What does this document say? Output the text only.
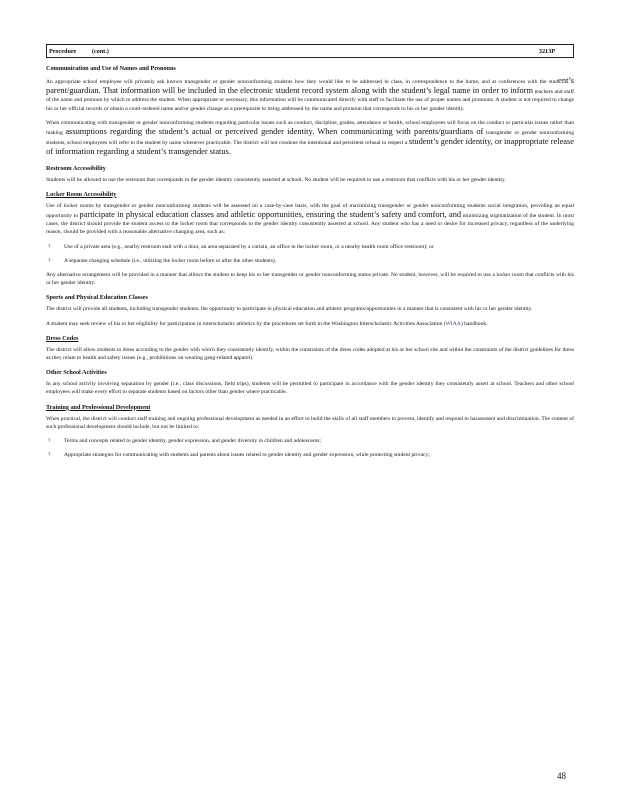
Procedure	(cont.)	3213P
Communication and Use of Names and Pronouns

An appropriate school employee will privately ask known transgender or gender nonconforming students how they would like to be addressed in class, in correspondence to the home, and at conferences with the student’s parent/guardian. That information will be included in the electronic student record system along with the student’s legal name in order to inform teachers and staff of the name and pronoun by which to address the student. When appropriate or necessary, this information will be communicated directly with staff to facilitate the use of proper names and pronouns. A student is not required to change his or her official records or obtain a court-ordered name and/or gender change as a prerequisite to being addressed by the name and pronoun that corresponds to his or her gender identity.

When communicating with transgender or gender nonconforming students regarding particular issues such as conduct, discipline, grades, attendance or health, school employees will focus on the conduct or particular issues rather than making assumptions regarding the student’s actual or perceived gender identity. When communicating with parents/guardians of transgender or gender nonconforming students, school employees will refer to the student by name whenever practicable. The district will not condone the intentional and persistent refusal to respect a student’s gender identity, or inappropriate release of information regarding a student’s transgender status.

Restroom Accessibility

Students will be allowed to use the restroom that corresponds to the gender identity consistently asserted at school. No student will be required to use a restroom that conflicts with his or her gender identity.

Locker Room Accessibility

Use of locker rooms by transgender or gender nonconforming students will be assessed on a case-by-case basis, with the goal of maximizing transgender or gender nonconforming students social integration, providing an equal opportunity to participate in physical education classes and athletic opportunities, ensuring the student’s safety and comfort, and minimizing stigmatization of the student. In most cases, the district should provide the student access to the locker room that corresponds to the gender identity consistently asserted at school. Any student who has a need or desire for increased privacy, regardless of the underlying reason, should be provided with a reasonable alternative changing area, such as:

?	Use of a private area (e.g., nearby restroom stall with a door, an area separated by a curtain, an office in the locker room, or a nearby health room office restroom); or
?	A separate changing schedule (i.e., utilizing the locker room before or after the other students).

Any alternative arrangement will be provided in a manner that allows the student to keep his or her transgender or gender nonconforming status private. No student, however, will be required to use a locker room that conflicts with his or her gender identity.

Sports and Physical Education Classes

The district will provide all students, including transgender students, the opportunity to participate in physical education and athletic programs/opportunities in a manner that is consistent with his or her gender identity.

A student may seek review of his or her eligibility for participation in interscholastic athletics by the procedures set forth in the Washington Interscholastic Activities Association (WIAA) handbook.

Dress Codes

The district will allow students to dress according to the gender with which they consistently identify, within the constraints of the dress codes adopted at his or her school site and within the constraints of the district guidelines for dress as they relate to health and safety issues (e.g., prohibitions on wearing gang-related apparel).

Other School Activities

In any school activity involving separation by gender (i.e., class discussions, field trips), students will be permitted to participate in accordance with the gender identity they consistently assert at school. Teachers and other school employees will make every effort to separate students based on factors other than gender where practicable.

Training and Professional Development

When practical, the district will conduct staff training and ongoing professional development as needed in an effort to build the skills of all staff members to prevent, identify and respond to harassment and discrimination. The content of such professional development should include, but not be limited to:

?	Terms and concepts related to gender identity, gender expression, and gender diversity in children and adolescents;
?	Appropriate strategies for communicating with students and parents about issues related to gender identity and gender expression, while protecting student privacy;
48
